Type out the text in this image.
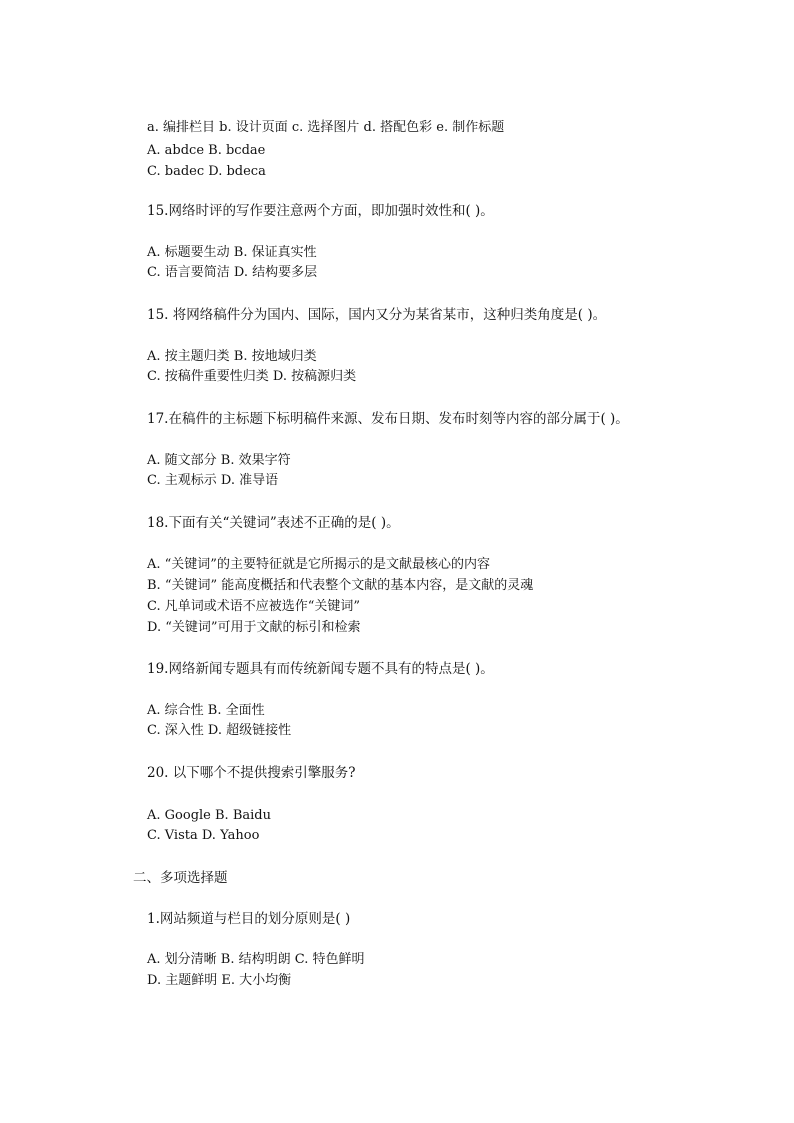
a. 编排栏目 b. 设计页面 c. 选择图片 d. 搭配色彩 e. 制作标题
A. abdce B. bcdae
C. badec D. bdeca
15.网络时评的写作要注意两个方面，即加强时效性和( )。
A. 标题要生动 B. 保证真实性
C. 语言要简洁 D. 结构要多层
15. 将网络稿件分为国内、国际，国内又分为某省某市，这种归类角度是( )。
A. 按主题归类 B. 按地域归类
C. 按稿件重要性归类 D. 按稿源归类
17.在稿件的主标题下标明稿件来源、发布日期、发布时刻等内容的部分属于( )。
A. 随文部分 B. 效果字符
C. 主观标示 D. 准导语
18.下面有关“关键词”表述不正确的是( )。
A. “关键词”的主要特征就是它所揭示的是文献最核心的内容
B. “关键词” 能高度概括和代表整个文献的基本内容，是文献的灵魂
C. 凡单词或术语不应被选作“关键词”
D. “关键词”可用于文献的标引和检索
19.网络新闻专题具有而传统新闻专题不具有的特点是( )。
A. 综合性 B. 全面性
C. 深入性 D. 超级链接性
20. 以下哪个不提供搜索引擎服务?
A. Google B. Baidu
C. Vista D. Yahoo
二、多项选择题
1.网站频道与栏目的划分原则是( )
A. 划分清晰 B. 结构明朗 C. 特色鲜明
D. 主题鲜明 E. 大小均衡
